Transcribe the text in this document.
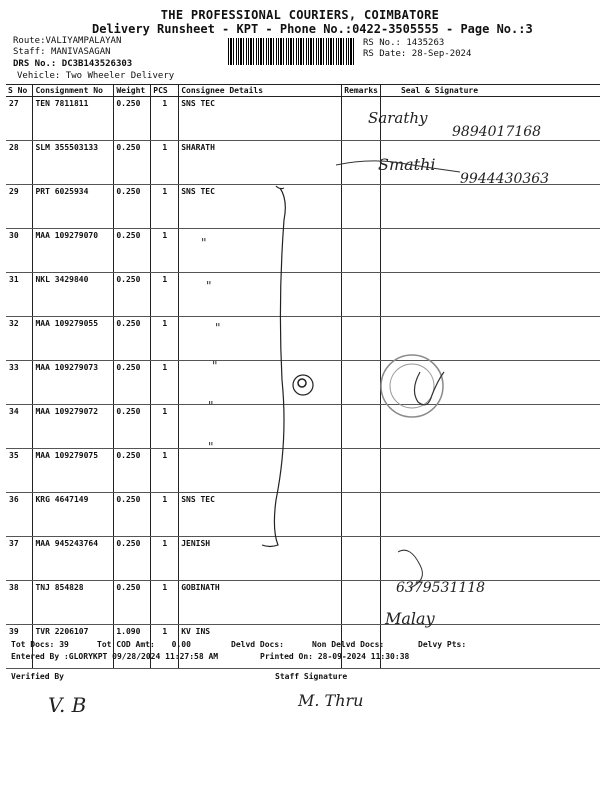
THE PROFESSIONAL COURIERS, COIMBATORE
Delivery Runsheet - KPT - Phone No.:0422-3505555 - Page No.:3
Route:VALIYAMPALAYAN
Staff: MANIVASAGAN
DRS No.: DC3B143526303
Vehicle: Two Wheeler Delivery
RS No.: 1435263
RS Date: 28-Sep-2024
S No	Consignment No	Weight	PCS	Consignee Details	Remarks	Seal & Signature
27	TEN 7811811	0.250	1	SNS TEC		
28	SLM 355503133	0.250	1	SHARATH		
29	PRT 6025934	0.250	1	SNS TEC		
30	MAA 109279070	0.250	1			
31	NKL 3429840	0.250	1			
32	MAA 109279055	0.250	1			
33	MAA 109279073	0.250	1			
34	MAA 109279072	0.250	1			
35	MAA 109279075	0.250	1			
36	KRG 4647149	0.250	1	SNS TEC		
37	MAA 945243764	0.250	1	JENISH		
38	TNJ 854828	0.250	1	GOBINATH		
39	TVR 2206107	1.090	1	KV INS		
Sarathy
9894017168
Smathi
9944430363
"
"
"
"
"
"
6379531118
Malay
V. B	M. Thru
Tot Docs: 39	Tot COD Amt: 0.00	Delvd Docs:	Non Delvd Docs:	Delvy Pts:
Entered By :GLORYKPT 09/28/2024 11:27:58 AM	Printed On: 28-09-2024 11:30:38
Verified By	Staff Signature
